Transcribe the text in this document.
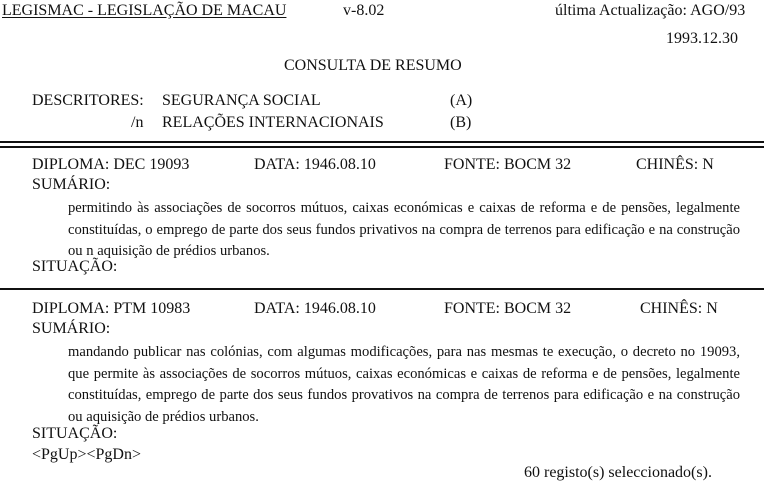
LEGISMAC - LEGISLAÇÃO DE MACAU	v-8.02	última Actualização: AGO/93
1993.12.30
CONSULTA DE RESUMO
DESCRITORES: SEGURANÇA SOCIAL	(A)
/n RELAÇÕES INTERNACIONAIS	(B)
DIPLOMA: DEC 19093	DATA: 1946.08.10	FONTE: BOCM 32	CHINÊS: N
SUMÁRIO:
permitindo às associações de socorros mútuos, caixas económicas e caixas de reforma e de pensões, legalmente constituídas, o emprego de parte dos seus fundos privativos na compra de terrenos para edificação e na construção ou n aquisição de prédios urbanos.
SITUAÇÃO:
DIPLOMA: PTM 10983	DATA: 1946.08.10	FONTE: BOCM 32	CHINÊS: N
SUMÁRIO:
mandando publicar nas colónias, com algumas modificações, para nas mesmas te execução, o decreto no 19093, que permite às associações de socorros mútuos, caixas económicas e caixas de reforma e de pensões, legalmente constituídas, emprego de parte dos seus fundos provativos na compra de terrenos para edificação e na construção ou aquisição de prédios urbanos.
SITUAÇÃO:
<PgUp><PgDn>
60 registo(s) seleccionado(s).
